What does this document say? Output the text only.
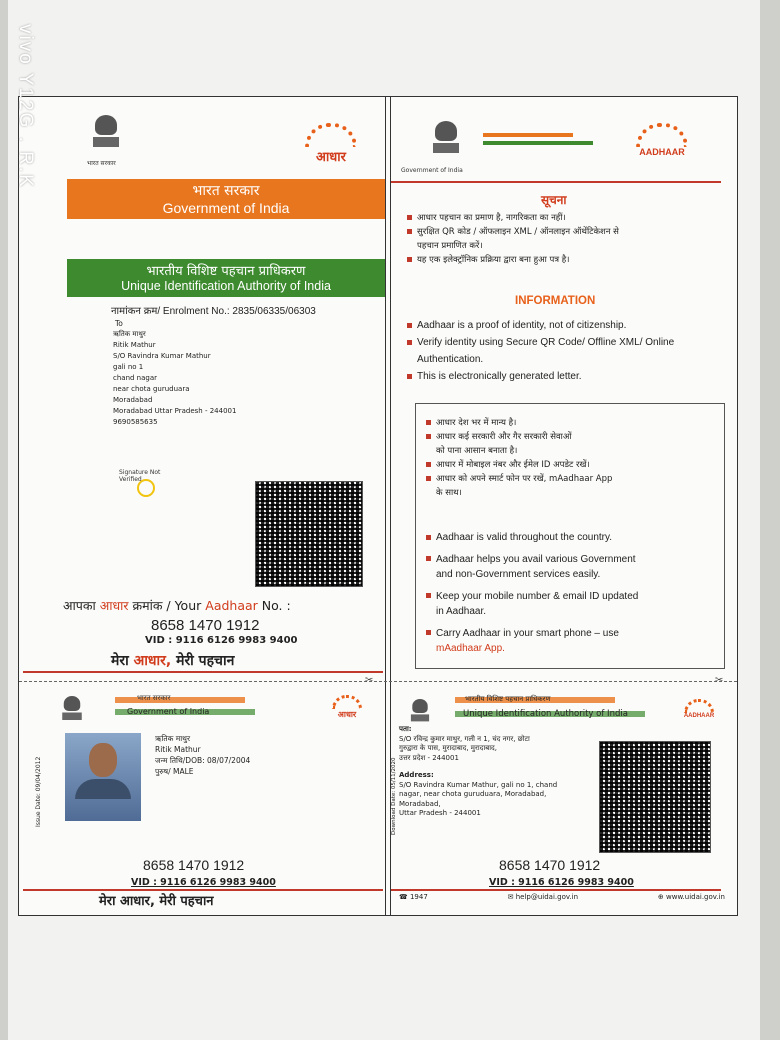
vivo Y12G . R.K
✂	✂
भारत सरकार	आधार
भारत सरकार
Government of India
भारतीय विशिष्ट पहचान प्राधिकरण
Unique Identification Authority of India
नामांकन क्रम/ Enrolment No.: 2835/06335/06303
To
ऋतिक माथुर
Ritik Mathur
S/O Ravindra Kumar Mathur
gali no 1
chand nagar
near chota guruduara
Moradabad
Moradabad Uttar Pradesh - 244001
9690585635
Signature Not Verified
आपका आधार क्रमांक / Your Aadhaar No. :
8658 1470 1912
VID : 9116 6126 9983 9400
मेरा आधार, मेरी पहचान
Government of India
AADHAAR
सूचना
आधार पहचान का प्रमाण है, नागरिकता का नहीं।
सुरक्षित QR कोड / ऑफलाइन XML / ऑनलाइन ऑथेंटिकेशन से
पहचान प्रमाणित करें।
यह एक इलेक्ट्रॉनिक प्रक्रिया द्वारा बना हुआ पत्र है।
INFORMATION
Aadhaar is a proof of identity, not of citizenship.
Verify identity using Secure QR Code/ Offline XML/ Online
Authentication.
This is electronically generated letter.
आधार देश भर में मान्य है।
आधार कई सरकारी और गैर सरकारी सेवाओं
को पाना आसान बनाता है।
आधार में मोबाइल नंबर और ईमेल ID अपडेट रखें।
आधार को अपने स्मार्ट फोन पर रखें, mAadhaar App
के साथ।
Aadhaar is valid throughout the country.
Aadhaar helps you avail various Government
and non-Government services easily.
Keep your mobile number & email ID updated
in Aadhaar.
Carry Aadhaar in your smart phone – use
mAadhaar App.
भारत सरकार
Government of India	आधार
Issue Date: 09/04/2012
ऋतिक माथुर
Ritik Mathur
जन्म तिथि/DOB: 08/07/2004
पुरुष/ MALE
8658 1470 1912
VID : 9116 6126 9983 9400
मेरा आधार, मेरी पहचान
भारतीय विशिष्ट पहचान प्राधिकरण
Unique Identification Authority of India	AADHAAR
Download Date: 05/11/2020
पता:
S/O रविन्द्र कुमार माथुर, गली न 1, चंद नगर, छोटा
गुरुद्वारा के पास, मुरादाबाद, मुरादाबाद,
उत्तर प्रदेश - 244001
Address:
S/O Ravindra Kumar Mathur, gali no 1, chand
nagar, near chota guruduara, Moradabad,
Moradabad,
Uttar Pradesh - 244001
8658 1470 1912
VID : 9116 6126 9983 9400
☎ 1947	✉ help@uidai.gov.in	⊕ www.uidai.gov.in
